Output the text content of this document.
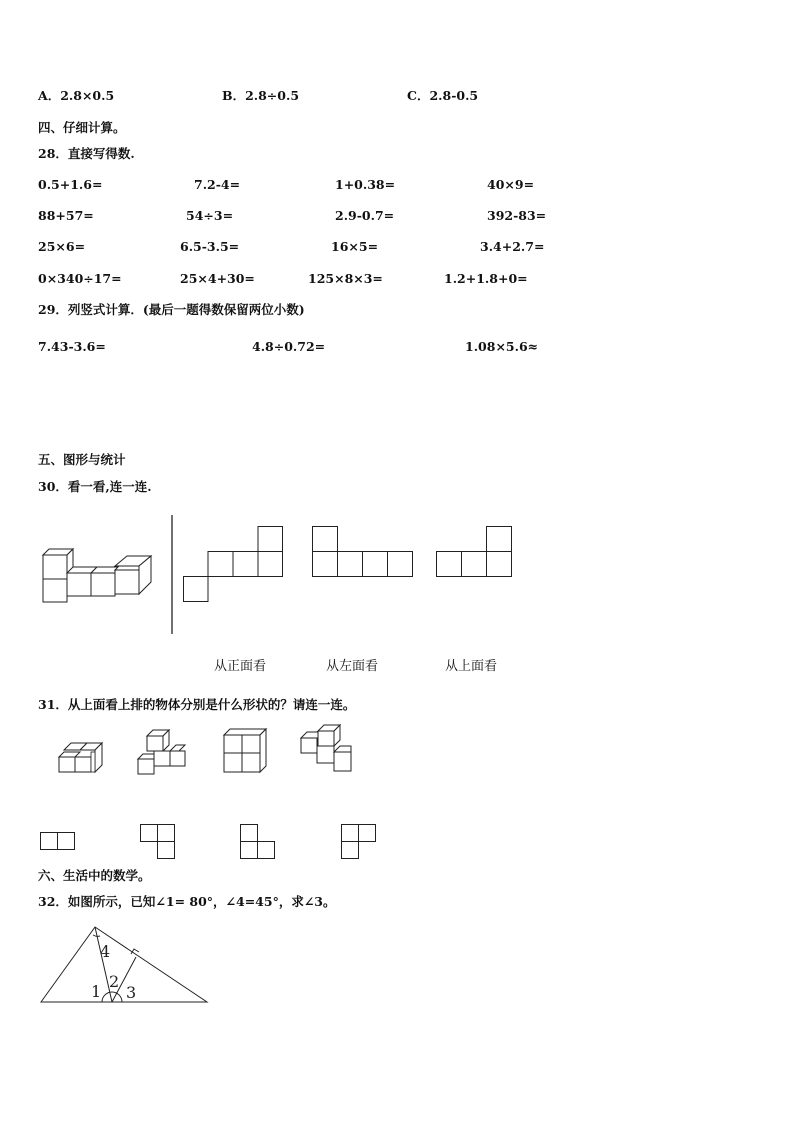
A．2.8×0.5	B．2.8÷0.5	C．2.8-0.5
四、仔细计算。
28．直接写得数.
0.5+1.6=	7.2-4=	1+0.38=	40×9=
88+57=	54÷3=	2.9-0.7=	392-83=
25×6=	6.5-3.5=	16×5=	3.4+2.7=
0×340÷17=	25×4+30=	125×8×3=	1.2+1.8+0=
29．列竖式计算．(最后一题得数保留两位小数)
7.43-3.6=	4.8÷0.72=	1.08×5.6≈
五、图形与统计
30．看一看,连一连.
从正面看	从左面看	从上面看
31．从上面看上排的物体分别是什么形状的？请连一连。
六、生活中的数学。
32．如图所示，已知∠1= 80°，∠4=45°，求∠3。
4
2
1 3
